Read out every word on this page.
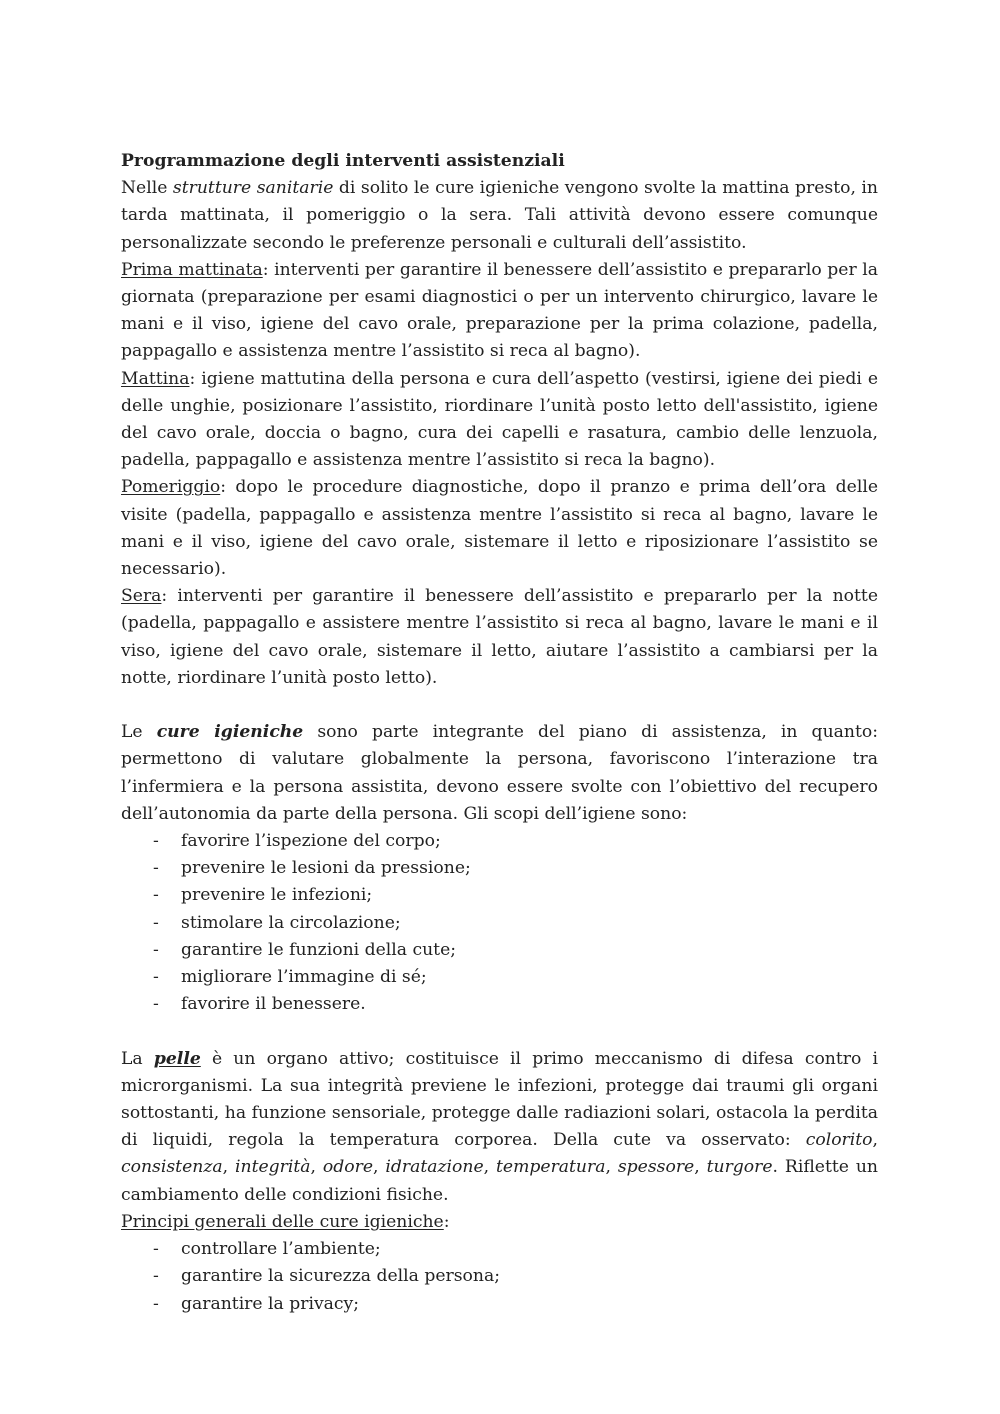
Programmazione degli interventi assistenziali

Nelle strutture sanitarie di solito le cure igieniche vengono svolte la mattina presto, in tarda mattinata, il pomeriggio o la sera. Tali attività devono essere comunque personalizzate secondo le preferenze personali e culturali dell’assistito.

Prima mattinata: interventi per garantire il benessere dell’assistito e prepararlo per la giornata (preparazione per esami diagnostici o per un intervento chirurgico, lavare le mani e il viso, igiene del cavo orale, preparazione per la prima colazione, padella, pappagallo e assistenza mentre l’assistito si reca al bagno).

Mattina: igiene mattutina della persona e cura dell’aspetto (vestirsi, igiene dei piedi e delle unghie, posizionare l’assistito, riordinare l’unità posto letto dell'assistito, igiene del cavo orale, doccia o bagno, cura dei capelli e rasatura, cambio delle lenzuola, padella, pappagallo e assistenza mentre l’assistito si reca la bagno).

Pomeriggio: dopo le procedure diagnostiche, dopo il pranzo e prima dell’ora delle visite (padella, pappagallo e assistenza mentre l’assistito si reca al bagno, lavare le mani e il viso, igiene del cavo orale, sistemare il letto e riposizionare l’assistito se necessario).

Sera: interventi per garantire il benessere dell’assistito e prepararlo per la notte (padella, pappagallo e assistere mentre l’assistito si reca al bagno, lavare le mani e il viso, igiene del cavo orale, sistemare il letto, aiutare l’assistito a cambiarsi per la notte, riordinare l’unità posto letto).

Le cure igieniche sono parte integrante del piano di assistenza, in quanto: permettono di valutare globalmente la persona, favoriscono l’interazione tra l’infermiera e la persona assistita, devono essere svolte con l’obiettivo del recupero dell’autonomia da parte della persona. Gli scopi dell’igiene sono:

- favorire l’ispezione del corpo;
- prevenire le lesioni da pressione;
- prevenire le infezioni;
- stimolare la circolazione;
- garantire le funzioni della cute;
- migliorare l’immagine di sé;
- favorire il benessere.

La pelle è un organo attivo; costituisce il primo meccanismo di difesa contro i microrganismi. La sua integrità previene le infezioni, protegge dai traumi gli organi sottostanti, ha funzione sensoriale, protegge dalle radiazioni solari, ostacola la perdita di liquidi, regola la temperatura corporea. Della cute va osservato: colorito, consistenza, integrità, odore, idratazione, temperatura, spessore, turgore. Riflette un cambiamento delle condizioni fisiche.

Principi generali delle cure igieniche:

- controllare l’ambiente;
- garantire la sicurezza della persona;
- garantire la privacy;
